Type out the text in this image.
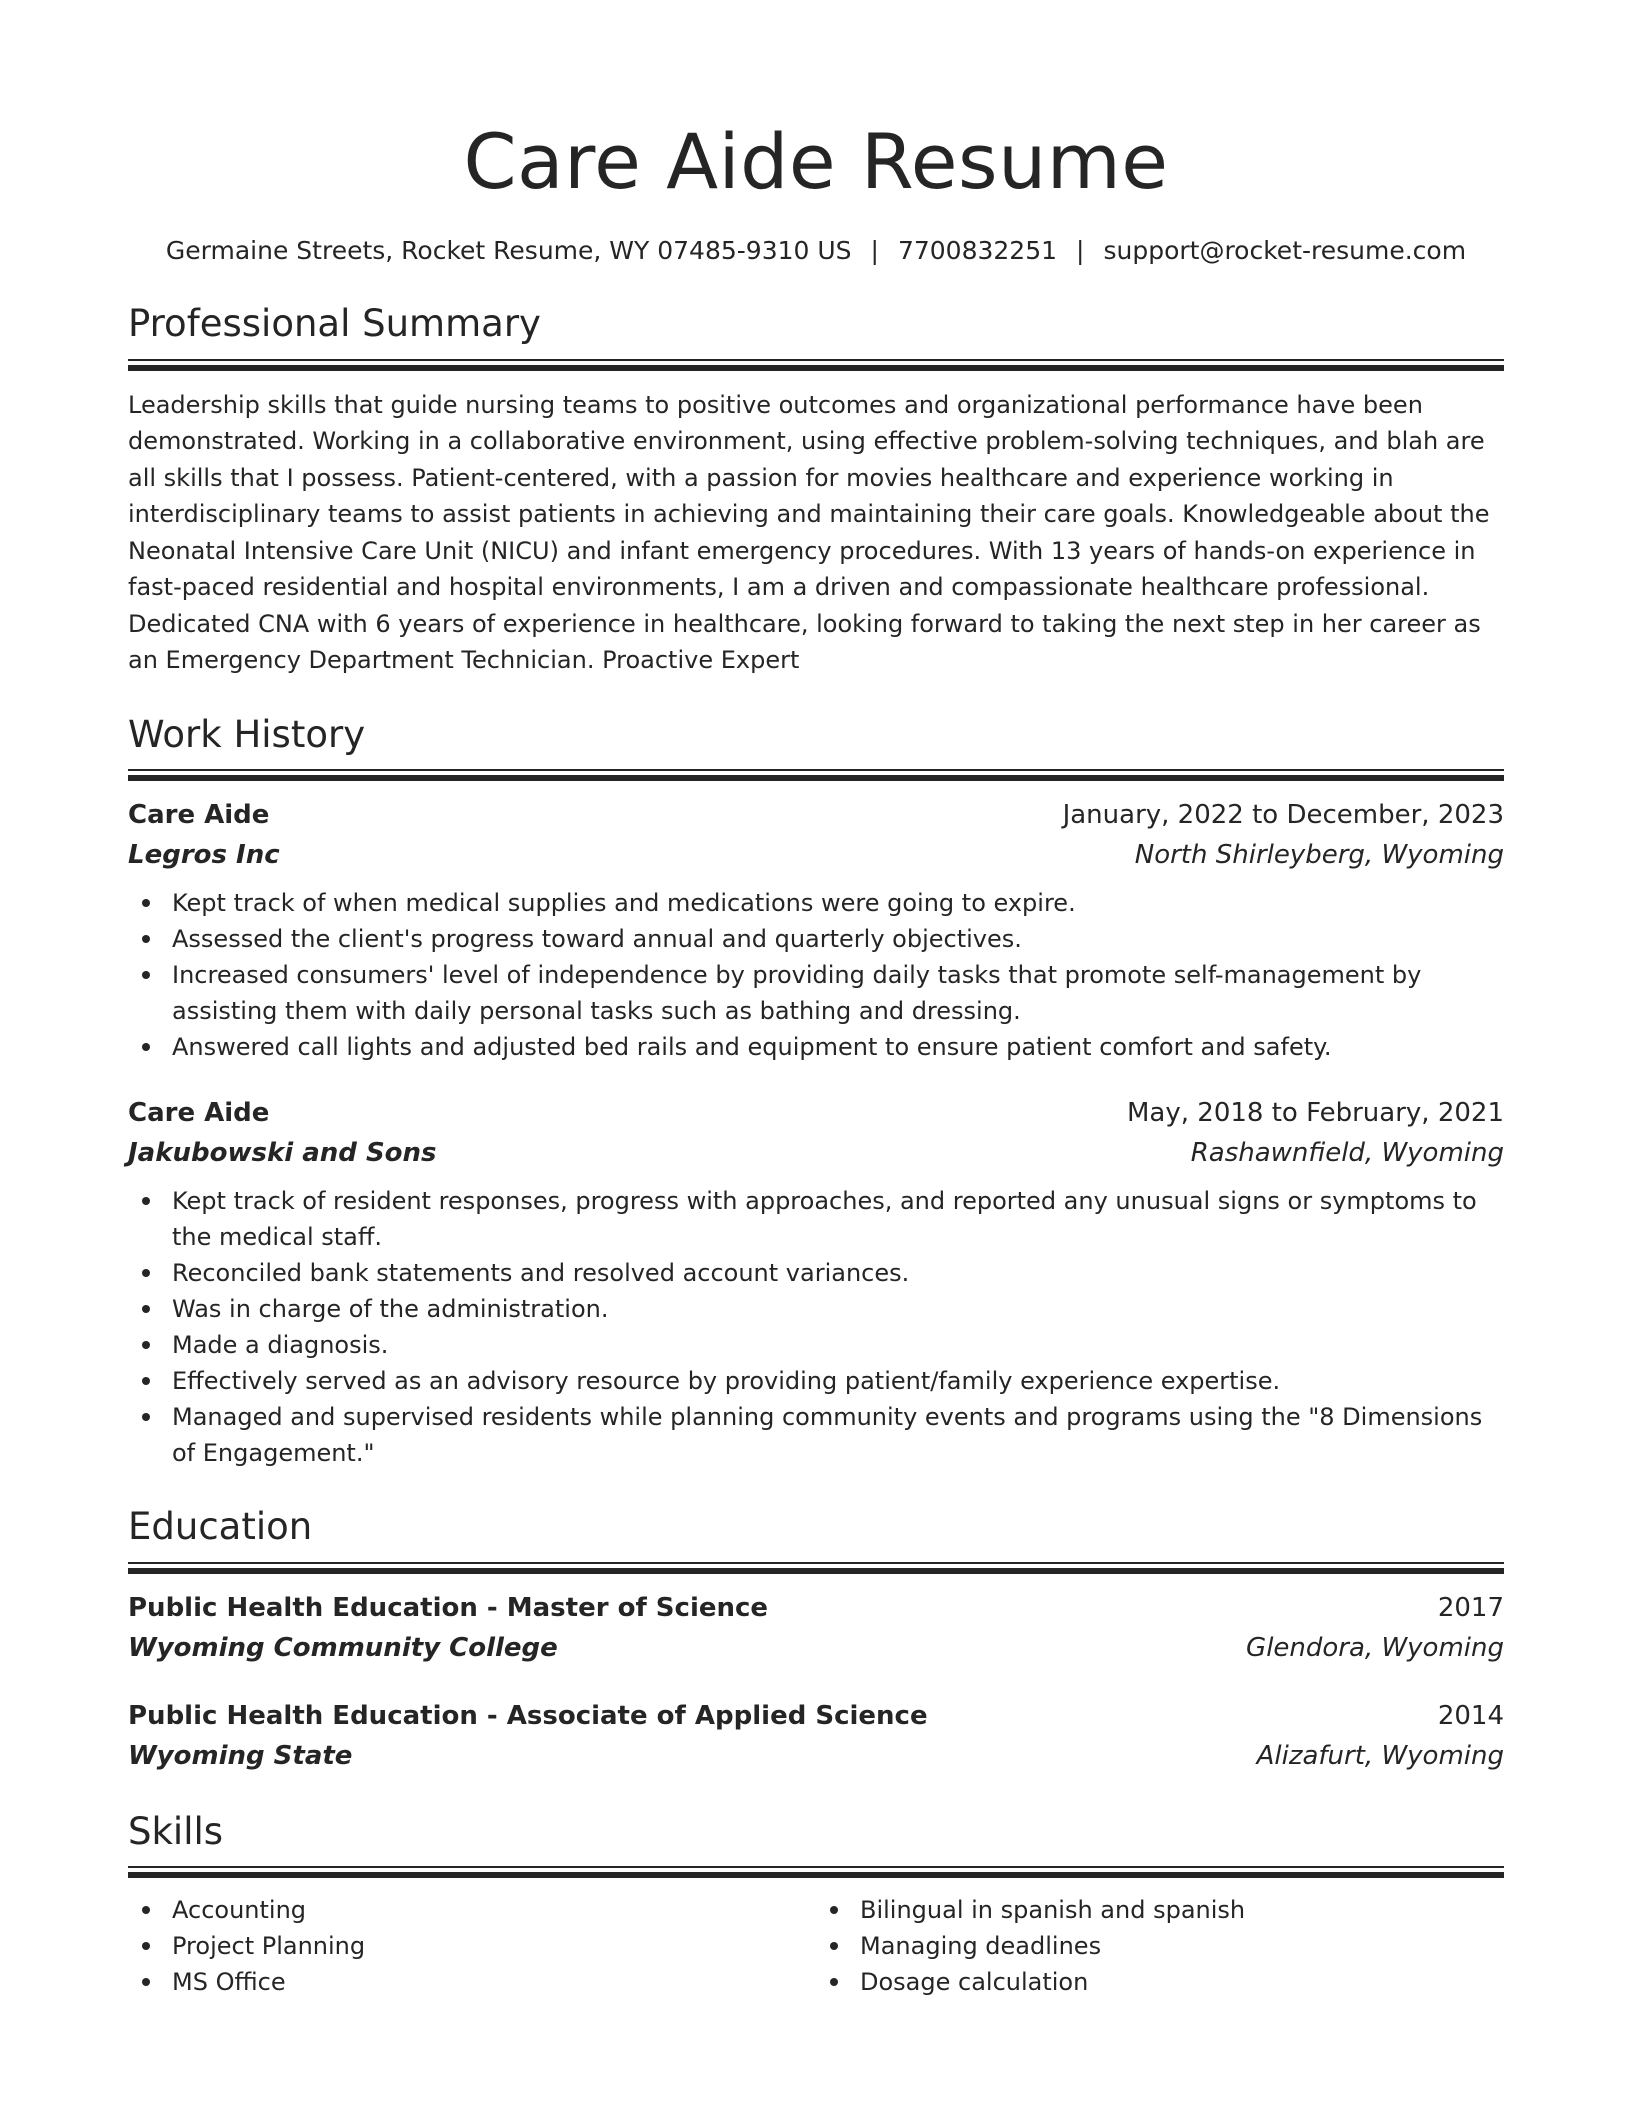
Care Aide Resume
Germaine Streets, Rocket Resume, WY 07485-9310 US | 7700832251 | support@rocket-resume.com
Professional Summary
Leadership skills that guide nursing teams to positive outcomes and organizational performance have been demonstrated. Working in a collaborative environment, using effective problem-solving techniques, and blah are all skills that I possess. Patient-centered, with a passion for movies healthcare and experience working in interdisciplinary teams to assist patients in achieving and maintaining their care goals. Knowledgeable about the Neonatal Intensive Care Unit (NICU) and infant emergency procedures. With 13 years of hands-on experience in fast-paced residential and hospital environments, I am a driven and compassionate healthcare professional. Dedicated CNA with 6 years of experience in healthcare, looking forward to taking the next step in her career as an Emergency Department Technician. Proactive Expert
Work History
Care Aide	January, 2022 to December, 2023
Legros Inc	North Shirleyberg, Wyoming
Kept track of when medical supplies and medications were going to expire.
Assessed the client's progress toward annual and quarterly objectives.
Increased consumers' level of independence by providing daily tasks that promote self-management by assisting them with daily personal tasks such as bathing and dressing.
Answered call lights and adjusted bed rails and equipment to ensure patient comfort and safety.
Care Aide	May, 2018 to February, 2021
Jakubowski and Sons	Rashawnfield, Wyoming
Kept track of resident responses, progress with approaches, and reported any unusual signs or symptoms to the medical staff.
Reconciled bank statements and resolved account variances.
Was in charge of the administration.
Made a diagnosis.
Effectively served as an advisory resource by providing patient/family experience expertise.
Managed and supervised residents while planning community events and programs using the "8 Dimensions of Engagement."
Education
Public Health Education - Master of Science	2017
Wyoming Community College	Glendora, Wyoming
Public Health Education - Associate of Applied Science	2014
Wyoming State	Alizafurt, Wyoming
Skills
Accounting
Project Planning
MS Office
Bilingual in spanish and spanish
Managing deadlines
Dosage calculation
